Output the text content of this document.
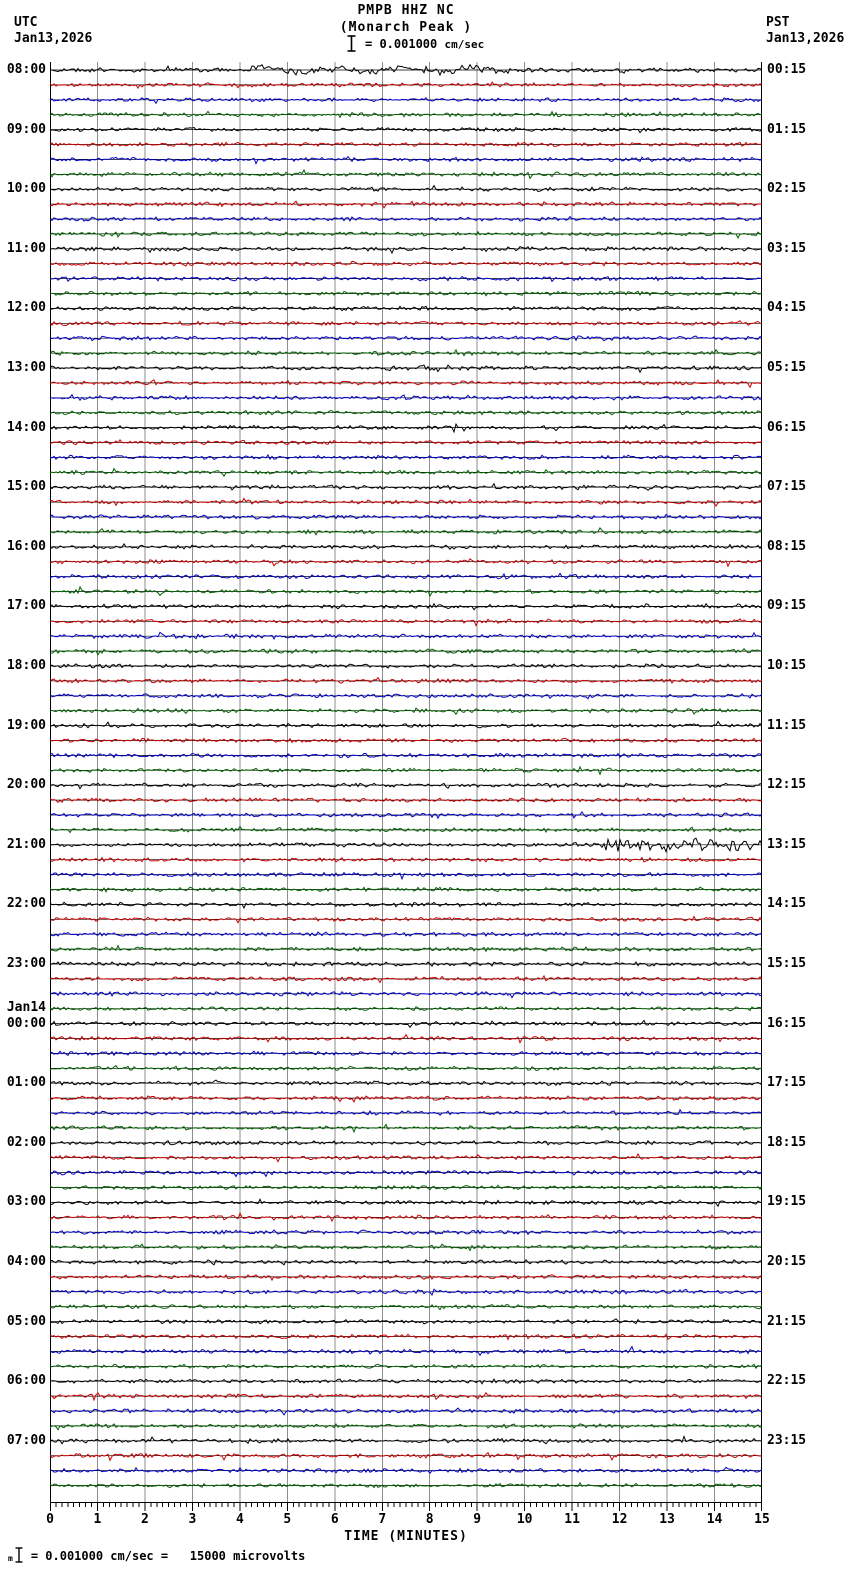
UTC
Jan13,2026
PST
Jan13,2026
PMPB HHZ NC
(Monarch Peak )
= 0.001000 cm/sec
08:00
09:00
10:00
11:00
12:00
13:00
14:00
15:00
16:00
17:00
18:00
19:00
20:00
21:00
22:00
23:00
Jan14
00:00
01:00
02:00
03:00
04:00
05:00
06:00
07:00
00:15
01:15
02:15
03:15
04:15
05:15
06:15
07:15
08:15
09:15
10:15
11:15
12:15
13:15
14:15
15:15
16:15
17:15
18:15
19:15
20:15
21:15
22:15
23:15
0	1	2	3	4	5	6	7	8	9	10	11	12	13	14	15
TIME (MINUTES)
m = 0.001000 cm/sec =   15000 microvolts
